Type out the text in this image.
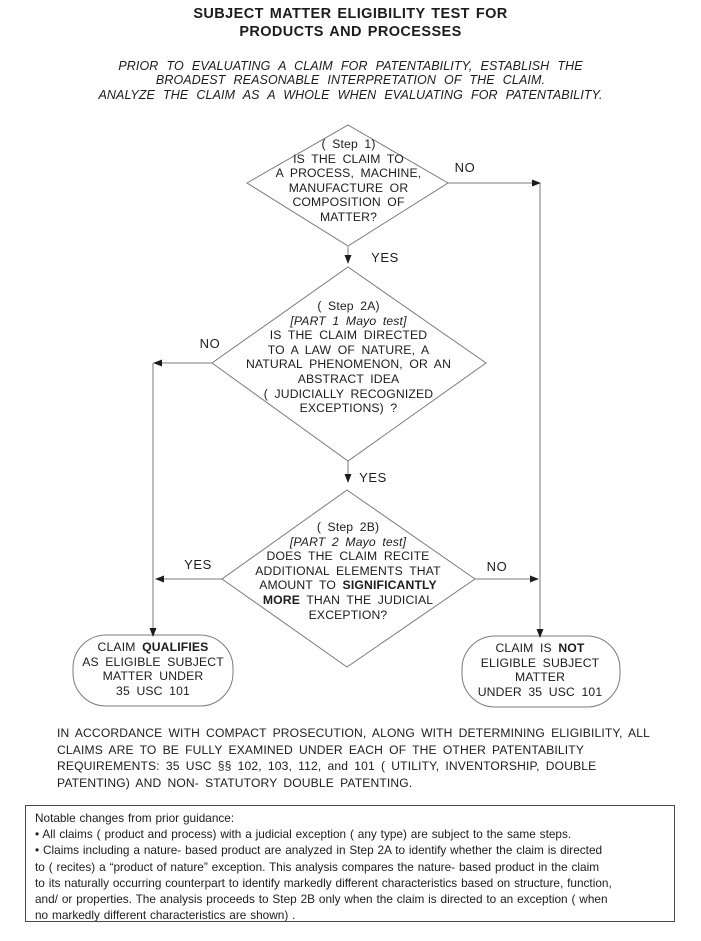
SUBJECT MATTER ELIGIBILITY TEST FOR
PRODUCTS AND PROCESSES
PRIOR TO EVALUATING A CLAIM FOR PATENTABILITY, ESTABLISH THE
BROADEST REASONABLE INTERPRETATION OF THE CLAIM.
ANALYZE THE CLAIM AS A WHOLE WHEN EVALUATING FOR PATENTABILITY.
( Step 1)
IS THE CLAIM TO
A PROCESS, MACHINE,
MANUFACTURE OR
COMPOSITION OF
MATTER?
NO
YES
( Step 2A)
[PART 1 Mayo test]
IS THE CLAIM DIRECTED
TO A LAW OF NATURE, A
NATURAL PHENOMENON, OR AN
ABSTRACT IDEA
( JUDICIALLY RECOGNIZED
EXCEPTIONS) ?
NO
YES
( Step 2B)
[PART 2 Mayo test]
DOES THE CLAIM RECITE
ADDITIONAL ELEMENTS THAT
AMOUNT TO SIGNIFICANTLY
MORE THAN THE JUDICIAL
EXCEPTION?
YES	NO
CLAIM QUALIFIES
AS ELIGIBLE SUBJECT
MATTER UNDER
35 USC 101
CLAIM IS NOT
ELIGIBLE SUBJECT
MATTER
UNDER 35 USC 101
IN ACCORDANCE WITH COMPACT PROSECUTION, ALONG WITH DETERMINING ELIGIBILITY, ALL
CLAIMS ARE TO BE FULLY EXAMINED UNDER EACH OF THE OTHER PATENTABILITY
REQUIREMENTS: 35 USC §§ 102, 103, 112, and 101 ( UTILITY, INVENTORSHIP, DOUBLE
PATENTING) AND NON- STATUTORY DOUBLE PATENTING.
Notable changes from prior guidance:
• All claims ( product and process) with a judicial exception ( any type) are subject to the same steps.
• Claims including a nature- based product are analyzed in Step 2A to identify whether the claim is directed
to ( recites) a “product of nature” exception. This analysis compares the nature- based product in the claim
to its naturally occurring counterpart to identify markedly different characteristics based on structure, function,
and/ or properties. The analysis proceeds to Step 2B only when the claim is directed to an exception ( when
no markedly different characteristics are shown) .
